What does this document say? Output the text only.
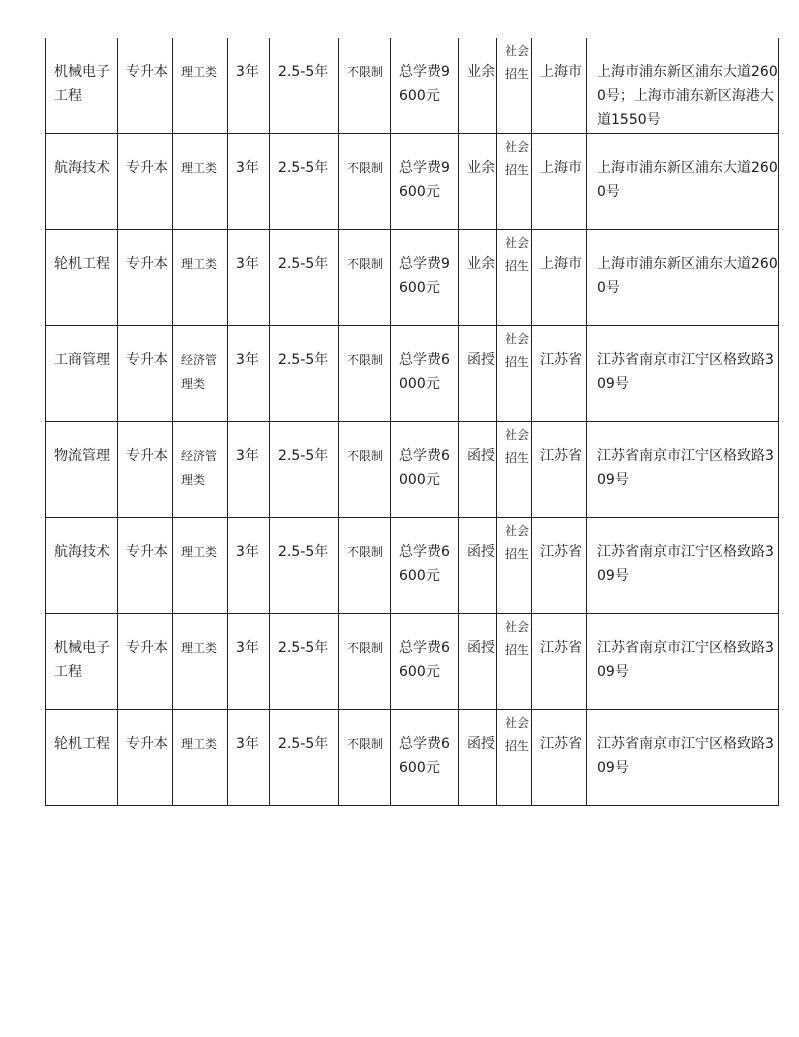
机械电子工程	专升本	理工类	3年	2.5-5年	不限制	总学费9600元	业余	社会招生	上海市	上海市浦东新区浦东大道2600号；上海市浦东新区海港大道1550号
航海技术	专升本	理工类	3年	2.5-5年	不限制	总学费9600元	业余	社会招生	上海市	上海市浦东新区浦东大道2600号
轮机工程	专升本	理工类	3年	2.5-5年	不限制	总学费9600元	业余	社会招生	上海市	上海市浦东新区浦东大道2600号
工商管理	专升本	经济管理类	3年	2.5-5年	不限制	总学费6000元	函授	社会招生	江苏省	江苏省南京市江宁区格致路309号
物流管理	专升本	经济管理类	3年	2.5-5年	不限制	总学费6000元	函授	社会招生	江苏省	江苏省南京市江宁区格致路309号
航海技术	专升本	理工类	3年	2.5-5年	不限制	总学费6600元	函授	社会招生	江苏省	江苏省南京市江宁区格致路309号
机械电子工程	专升本	理工类	3年	2.5-5年	不限制	总学费6600元	函授	社会招生	江苏省	江苏省南京市江宁区格致路309号
轮机工程	专升本	理工类	3年	2.5-5年	不限制	总学费6600元	函授	社会招生	江苏省	江苏省南京市江宁区格致路309号
